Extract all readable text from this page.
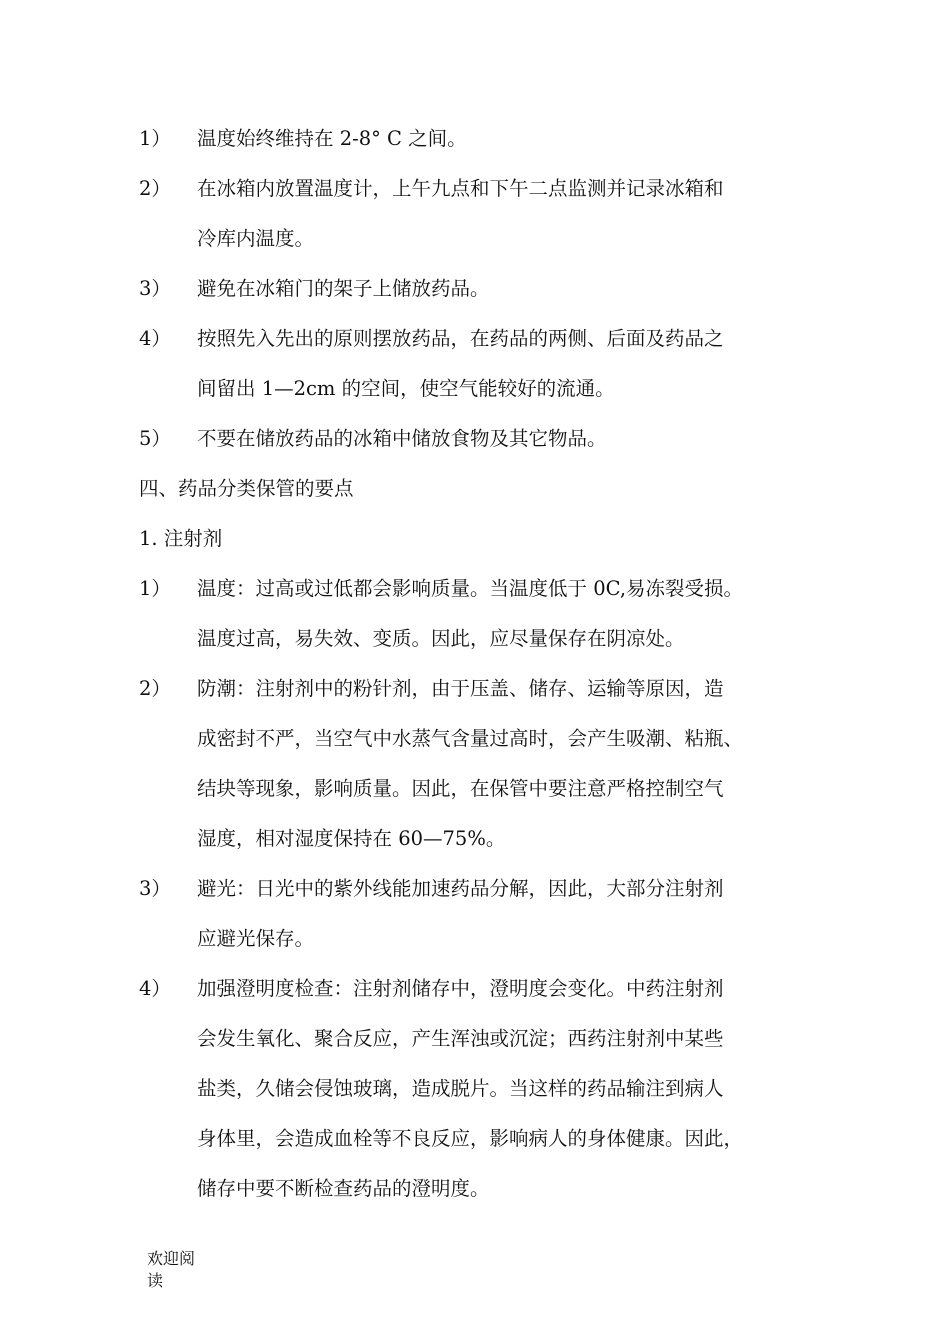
1） 温度始终维持在 2-8° C 之间。
2） 在冰箱内放置温度计，上午九点和下午二点监测并记录冰箱和
冷库内温度。
3） 避免在冰箱门的架子上储放药品。
4） 按照先入先出的原则摆放药品，在药品的两侧、后面及药品之
间留出 1—2cm 的空间，使空气能较好的流通。
5） 不要在储放药品的冰箱中储放食物及其它物品。
四、药品分类保管的要点
1. 注射剂
1） 温度：过高或过低都会影响质量。当温度低于 0C,易冻裂受损。
温度过高，易失效、变质。因此，应尽量保存在阴凉处。
2） 防潮：注射剂中的粉针剂，由于压盖、储存、运输等原因，造
成密封不严，当空气中水蒸气含量过高时，会产生吸潮、粘瓶、
结块等现象，影响质量。因此，在保管中要注意严格控制空气
湿度，相对湿度保持在 60—75%。
3） 避光：日光中的紫外线能加速药品分解，因此，大部分注射剂
应避光保存。
4） 加强澄明度检查：注射剂储存中，澄明度会变化。中药注射剂
会发生氧化、聚合反应，产生浑浊或沉淀；西药注射剂中某些
盐类，久储会侵蚀玻璃，造成脱片。当这样的药品输注到病人
身体里，会造成血栓等不良反应，影响病人的身体健康。因此，
储存中要不断检查药品的澄明度。
欢迎阅读
